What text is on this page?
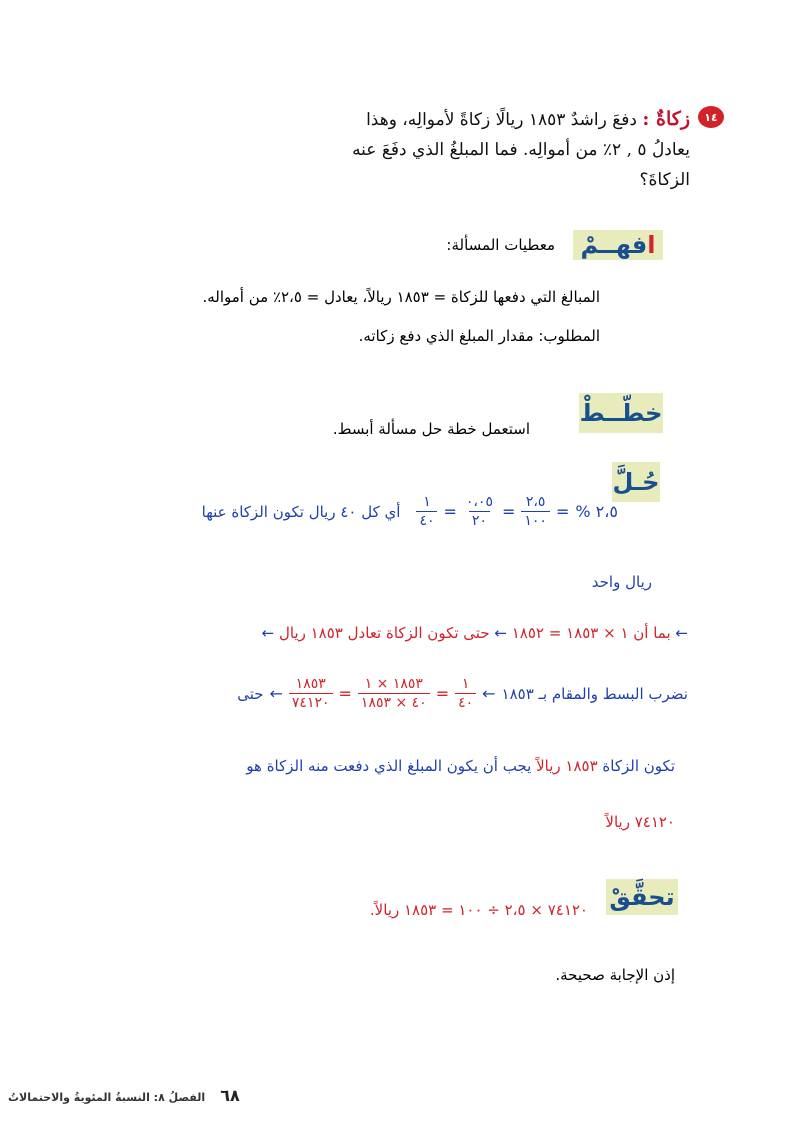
١٤
زكاةٌ : دفعَ راشدٌ ١٨٥٣ ريالًا زكاةً لأموالِه، وهذا
يعادلُ ٥ , ٢٪ من أموالِه. فما المبلغُ الذي دفَعَ عنه
الزكاةَ؟
افهــمْ
معطيات المسألة:
المبالغ التي دفعها للزكاة = ١٨٥٣ ريالاً، يعادل = ٢،٥٪ من أمواله.
المطلوب: مقدار المبلغ الذي دفع زكاته.
خطّــطْ
استعمل خطة حل مسألة أبسط.
حُـلَّ
٢،٥ %
=
$\frac{٢،٥}{١٠٠}$
=
$\frac{٠،٠٥}{٢٠}$
=
$\frac{١}{٤٠}$
أي كل ٤٠ ريال تكون الزكاة عنها
ريال واحد
← بما أن ١ × ١٨٥٣ = ١٨٥٢ ← حتى تكون الزكاة تعادل ١٨٥٣ ريال ←
نضرب البسط والمقام بـ ١٨٥٣
←
$\frac{١}{٤٠}$
=
$\frac{١٨٥٣ \times ١}{٤٠ \times ١٨٥٣}$
=
$\frac{١٨٥٣}{٧٤١٢٠}$
←
حتى
تكون الزكاة ١٨٥٣ ريالاً يجب أن يكون المبلغ الذي دفعت منه الزكاة هو
٧٤١٢٠ ريالاً
تحقَّقْ
٧٤١٢٠ × ٢،٥ ÷ ١٠٠ = ١٨٥٣ ريالاً.
إذن الإجابة صحيحة.
٦٨ الفصلُ ٨: النسبةُ المئويةُ والاحتمالاتُ
